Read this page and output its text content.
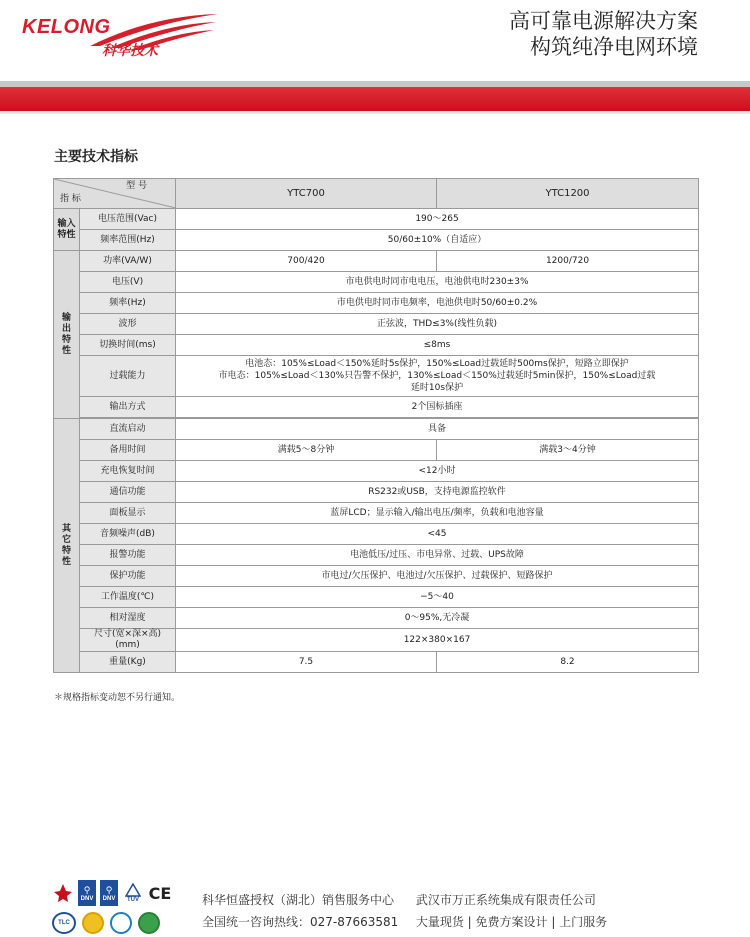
KELONG
科华技术
高可靠电源解决方案
构筑纯净电网环境
主要技术指标
型 号
指 标		YTC700	YTC1200
输入
特性	电压范围(Vac)	190～265	
	频率范围(Hz)	50/60±10%（自适应）	
输
出
特
性	功率(VA/W)	700/420	1200/720
	电压(V)	市电供电时同市电电压，电池供电时230±3%	
	频率(Hz)	市电供电时同市电频率，电池供电时50/60±0.2%	
	波形	正弦波，THD≤3%(线性负载)	
	切换时间(ms)	≤8ms	
	过载能力	电池态：105%≤Load＜150%延时5s保护，150%≤Load过载延时500ms保护，短路立即保护
市电态：105%≤Load＜130%只告警不保护，130%≤Load＜150%过载延时5min保护，150%≤Load过载
延时10s保护	

	输出方式	2个国标插座	

其
它
特
性	直流启动	具备	
	备用时间	满载5～8分钟	满载3～4分钟
	充电恢复时间	<12小时	
	通信功能	RS232或USB，支持电源监控软件	
	面板显示	蓝屏LCD；显示输入/输出电压/频率，负载和电池容量	
	音频噪声(dB)	<45	
	报警功能	电池低压/过压、市电异常、过载、UPS故障	
	保护功能	市电过/欠压保护、电池过/欠压保护、过载保护、短路保护	
	工作温度(℃)	−5～40	
	相对湿度	0～95%,无冷凝	
	尺寸(宽×深×高)(mm)	122×380×167	
	重量(Kg)	7.5	8.2
＊规格指标变动恕不另行通知。
⚲
DNV
⚲
DNV TÜV CE
TLC
科华恒盛授权（湖北）销售服务中心 武汉市万正系统集成有限责任公司
全国统一咨询热线：027-87663581 大量现货 | 免费方案设计 | 上门服务
